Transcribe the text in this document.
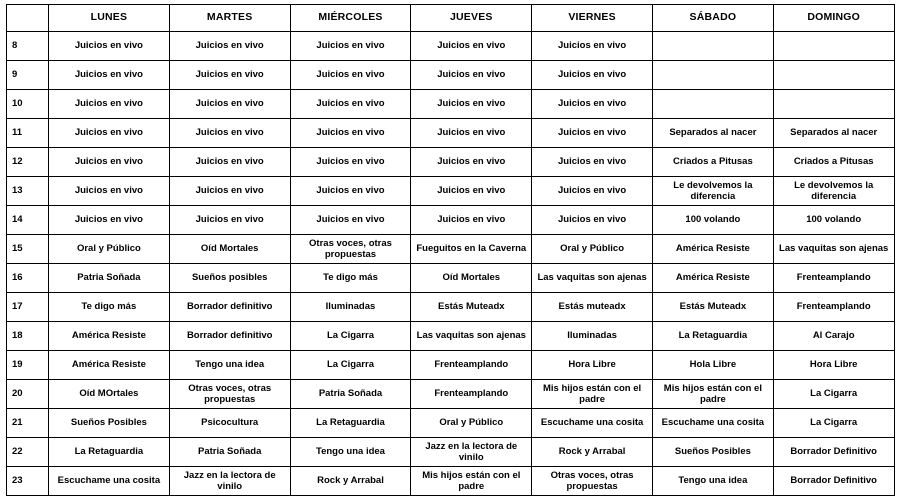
	LUNES	MARTES	MIÉRCOLES	JUEVES	VIERNES	SÁBADO	DOMINGO
8	Juicios en vivo	Juicios en vivo	Juicios en vivo	Juicios en vivo	Juicios en vivo		
9	Juicios en vivo	Juicios en vivo	Juicios en vivo	Juicios en vivo	Juicios en vivo		
10	Juicios en vivo	Juicios en vivo	Juicios en vivo	Juicios en vivo	Juicios en vivo		
11	Juicios en vivo	Juicios en vivo	Juicios en vivo	Juicios en vivo	Juicios en vivo	Separados al nacer	Separados al nacer
12	Juicios en vivo	Juicios en vivo	Juicios en vivo	Juicios en vivo	Juicios en vivo	Criados a Pitusas	Criados a Pitusas
13	Juicios en vivo	Juicios en vivo	Juicios en vivo	Juicios en vivo	Juicios en vivo	Le devolvemos la diferencia	Le devolvemos la diferencia
14	Juicios en vivo	Juicios en vivo	Juicios en vivo	Juicios en vivo	Juicios en vivo	100 volando	100 volando
15	Oral y Público	Oíd Mortales	Otras voces, otras propuestas	Fueguitos en la Caverna	Oral y Público	América Resiste	Las vaquitas son ajenas
16	Patria Soñada	Sueños posibles	Te digo más	Oíd Mortales	Las vaquitas son ajenas	América Resiste	Frenteamplando
17	Te digo más	Borrador definitivo	Iluminadas	Estás Muteadx	Estás muteadx	Estás Muteadx	Frenteamplando
18	América Resiste	Borrador definitivo	La Cigarra	Las vaquitas son ajenas	Iluminadas	La Retaguardia	Al Carajo
19	América Resiste	Tengo una idea	La Cigarra	Frenteamplando	Hora Libre	Hola Libre	Hora Libre
20	Oíd MOrtales	Otras voces, otras propuestas	Patria Soñada	Frenteamplando	Mis hijos están con el padre	Mis hijos están con el padre	La Cigarra
21	Sueños Posibles	Psicocultura	La Retaguardia	Oral y Público	Escuchame una cosita	Escuchame una cosita	La Cigarra
22	La Retaguardia	Patria Soñada	Tengo una idea	Jazz en la lectora de vinilo	Rock y Arrabal	Sueños Posibles	Borrador Definitivo
23	Escuchame una cosita	Jazz en la lectora de vinilo	Rock y Arrabal	Mis hijos están con el padre	Otras voces, otras propuestas	Tengo una idea	Borrador Definitivo
